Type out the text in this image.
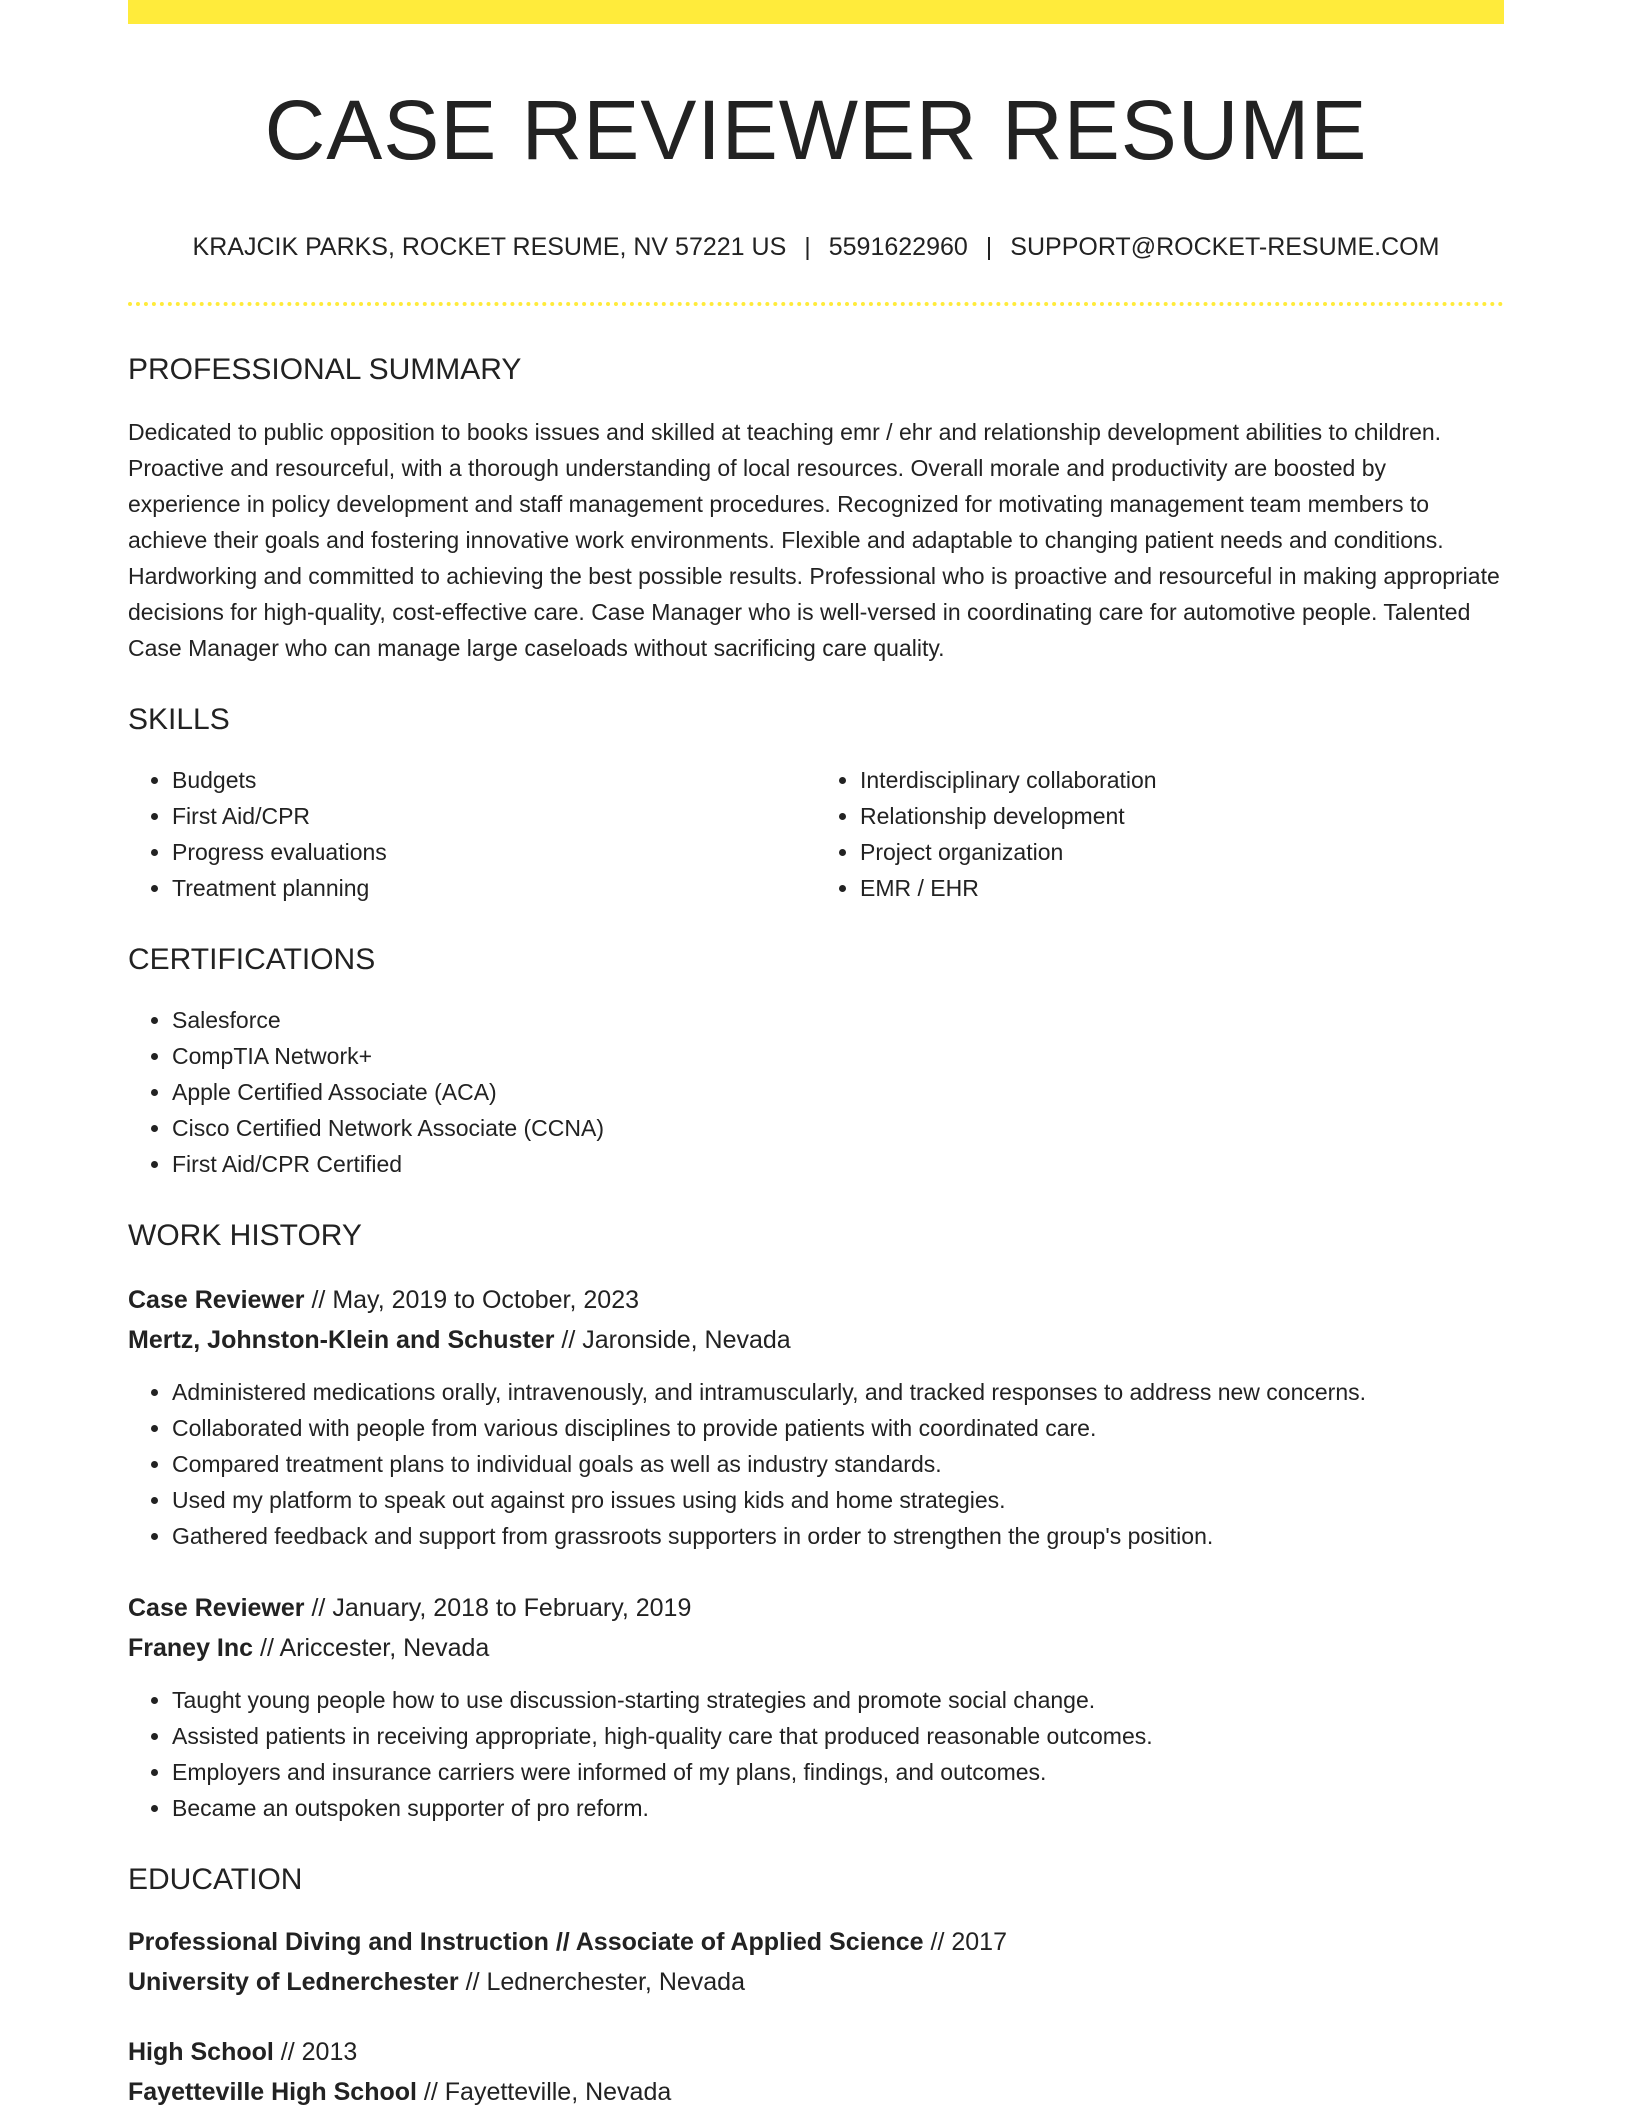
CASE REVIEWER RESUME
KRAJCIK PARKS, ROCKET RESUME, NV 57221 US | 5591622960 | SUPPORT@ROCKET-RESUME.COM
PROFESSIONAL SUMMARY

Dedicated to public opposition to books issues and skilled at teaching emr / ehr and relationship development abilities to children. Proactive and resourceful, with a thorough understanding of local resources. Overall morale and productivity are boosted by experience in policy development and staff management procedures. Recognized for motivating management team members to achieve their goals and fostering innovative work environments. Flexible and adaptable to changing patient needs and conditions. Hardworking and committed to achieving the best possible results. Professional who is proactive and resourceful in making appropriate decisions for high-quality, cost-effective care. Case Manager who is well-versed in coordinating care for automotive people. Talented Case Manager who can manage large caseloads without sacrificing care quality.

SKILLS
• Budgets
• First Aid/CPR
• Progress evaluations
• Treatment planning
• Interdisciplinary collaboration
• Relationship development
• Project organization
• EMR / EHR
CERTIFICATIONS
• Salesforce
• CompTIA Network+
• Apple Certified Associate (ACA)
• Cisco Certified Network Associate (CCNA)
• First Aid/CPR Certified
WORK HISTORY
Case Reviewer // May, 2019 to October, 2023
Mertz, Johnston-Klein and Schuster // Jaronside, Nevada
• Administered medications orally, intravenously, and intramuscularly, and tracked responses to address new concerns.
• Collaborated with people from various disciplines to provide patients with coordinated care.
• Compared treatment plans to individual goals as well as industry standards.
• Used my platform to speak out against pro issues using kids and home strategies.
• Gathered feedback and support from grassroots supporters in order to strengthen the group's position.
Case Reviewer // January, 2018 to February, 2019
Franey Inc // Ariccester, Nevada
• Taught young people how to use discussion-starting strategies and promote social change.
• Assisted patients in receiving appropriate, high-quality care that produced reasonable outcomes.
• Employers and insurance carriers were informed of my plans, findings, and outcomes.
• Became an outspoken supporter of pro reform.
EDUCATION
Professional Diving and Instruction // Associate of Applied Science // 2017
University of Lednerchester // Lednerchester, Nevada
High School // 2013
Fayetteville High School // Fayetteville, Nevada
